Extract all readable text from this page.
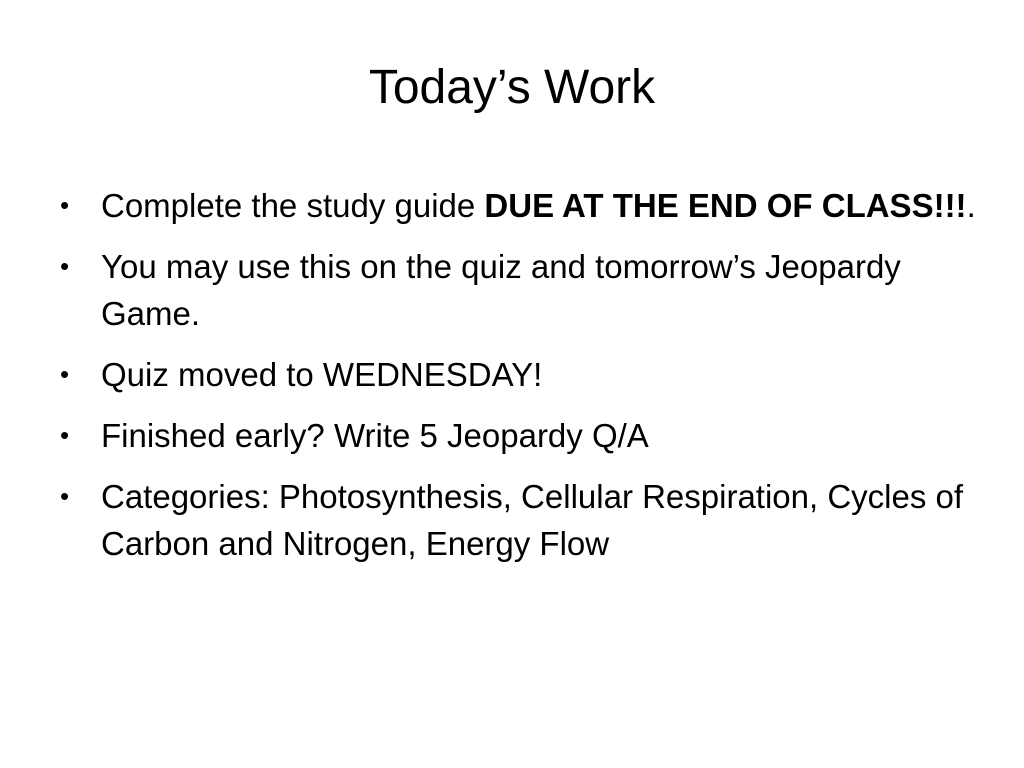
Today’s Work
• Complete the study guide DUE AT THE END OF CLASS!!!.
• You may use this on the quiz and tomorrow’s Jeopardy Game.
• Quiz moved to WEDNESDAY!
• Finished early? Write 5 Jeopardy Q/A
• Categories: Photosynthesis, Cellular Respiration, Cycles of Carbon and Nitrogen, Energy Flow
